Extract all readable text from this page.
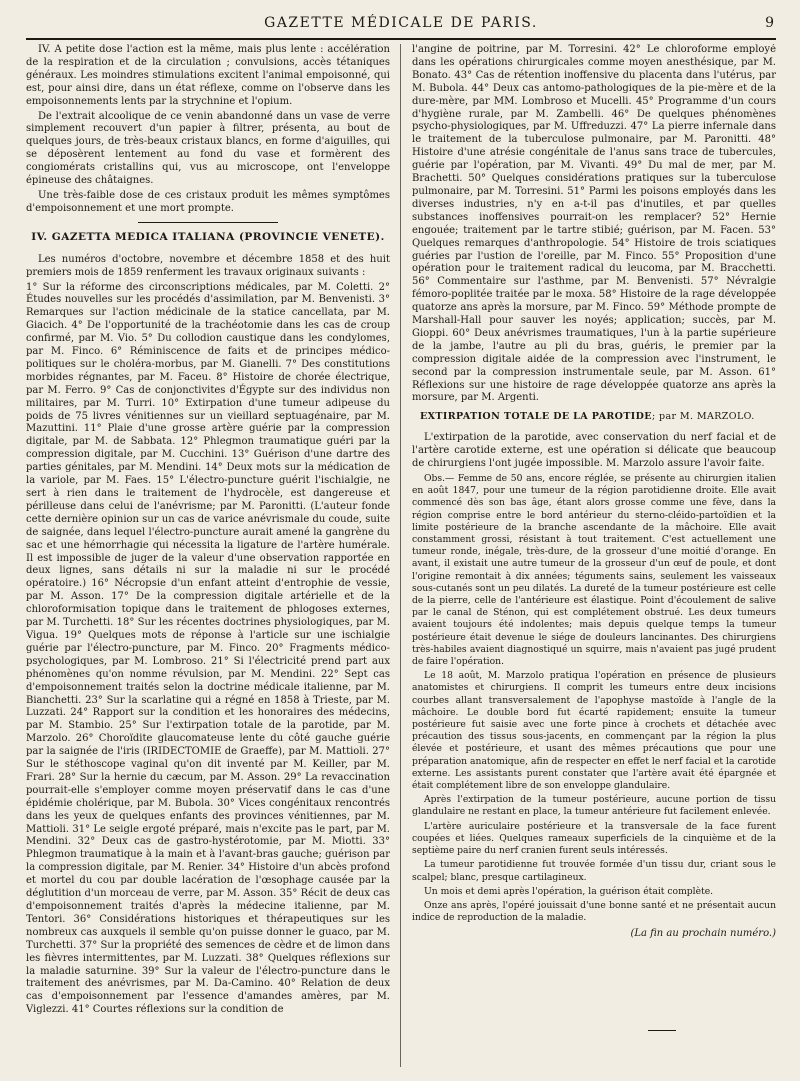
GAZETTE MÉDICALE DE PARIS.	9

IV. A petite dose l'action est la même, mais plus lente : accélération de la respiration et de la circulation ; convulsions, accès tétaniques généraux. Les moindres stimulations excitent l'animal empoisonné, qui est, pour ainsi dire, dans un état réflexe, comme on l'observe dans les empoisonnements lents par la strychnine et l'opium.

De l'extrait alcoolique de ce venin abandonné dans un vase de verre simplement recouvert d'un papier à filtrer, présenta, au bout de quelques jours, de très-beaux cristaux blancs, en forme d'aiguilles, qui se déposèrent lentement au fond du vase et formèrent des congiomérats cristallins qui, vus au microscope, ont l'enveloppe épineuse des châtaignes.

Une très-faible dose de ces cristaux produit les mêmes symptômes d'empoisonnement et une mort prompte.

IV. GAZETTA MEDICA ITALIANA (PROVINCIE VENETE).

Les numéros d'octobre, novembre et décembre 1858 et des huit premiers mois de 1859 renferment les travaux originaux suivants :

1° Sur la réforme des circonscriptions médicales, par M. Coletti. 2° Études nouvelles sur les procédés d'assimilation, par M. Benvenisti. 3° Remarques sur l'action médicinale de la statice cancellata, par M. Giacich. 4° De l'opportunité de la trachéotomie dans les cas de croup confirmé, par M. Vio. 5° Du collodion caustique dans les condylomes, par M. Finco. 6° Réminiscence de faits et de principes médico-politiques sur le choléra-morbus, par M. Gianelli. 7° Des constitutions morbides régnantes, par M. Faceu. 8° Histoire de chorée électrique, par M. Ferro. 9° Cas de conjonctivites d'Égypte sur des individus non militaires, par M. Turri. 10° Extirpation d'une tumeur adipeuse du poids de 75 livres vénitiennes sur un vieillard septuagénaire, par M. Mazuttini. 11° Plaie d'une grosse artère guérie par la compression digitale, par M. de Sabbata. 12° Phlegmon traumatique guéri par la compression digitale, par M. Cucchini. 13° Guérison d'une dartre des parties génitales, par M. Mendini. 14° Deux mots sur la médication de la variole, par M. Faes. 15° L'électro-puncture guérit l'ischialgie, ne sert à rien dans le traitement de l'hydrocèle, est dangereuse et périlleuse dans celui de l'anévrisme; par M. Paronitti. (L'auteur fonde cette dernière opinion sur un cas de varice anévrismale du coude, suite de saignée, dans lequel l'électro-puncture aurait amené la gangrène du sac et une hémorrhagie qui nécessita la ligature de l'artère humérale. Il est impossible de juger de la valeur d'une observation rapportée en deux lignes, sans détails ni sur la maladie ni sur le procédé opératoire.) 16° Nécropsie d'un enfant atteint d'entrophie de vessie, par M. Asson. 17° De la compression digitale artérielle et de la chloroformisation topique dans le traitement de phlogoses externes, par M. Turchetti. 18° Sur les récentes doctrines physiologiques, par M. Vigua. 19° Quelques mots de réponse à l'article sur une ischialgie guérie par l'électro-puncture, par M. Finco. 20° Fragments médico-psychologiques, par M. Lombroso. 21° Si l'électricité prend part aux phénomènes qu'on nomme révulsion, par M. Mendini. 22° Sept cas d'empoisonnement traités selon la doctrine médicale italienne, par M. Bianchetti. 23° Sur la scarlatine qui a régné en 1858 à Trieste, par M. Luzzati. 24° Rapport sur la condition et les honoraires des médecins, par M. Stambio. 25° Sur l'extirpation totale de la parotide, par M. Marzolo. 26° Choroïdite glaucomateuse lente du côté gauche guérie par la saignée de l'iris (IRIDECTOMIE de Graeffe), par M. Mattioli. 27° Sur le stéthoscope vaginal qu'on dit inventé par M. Keiller, par M. Frari. 28° Sur la hernie du cæcum, par M. Asson. 29° La revaccination pourrait-elle s'employer comme moyen préservatif dans le cas d'une épidémie cholérique, par M. Bubola. 30° Vices congénitaux rencontrés dans les yeux de quelques enfants des provinces vénitiennes, par M. Mattioli. 31° Le seigle ergoté préparé, mais n'excite pas le part, par M. Mendini. 32° Deux cas de gastro-hystérotomie, par M. Miotti. 33° Phlegmon traumatique à la main et à l'avant-bras gauche; guérison par la compression digitale, par M. Renier. 34° Histoire d'un abcès profond et mortel du cou par double lacération de l'œsophage causée par la déglutition d'un morceau de verre, par M. Asson. 35° Récit de deux cas d'empoisonnement traités d'après la médecine italienne, par M. Tentori. 36° Considérations historiques et thérapeutiques sur les nombreux cas auxquels il semble qu'on puisse donner le guaco, par M. Turchetti. 37° Sur la propriété des semences de cèdre et de limon dans les fièvres intermittentes, par M. Luzzati. 38° Quelques réflexions sur la maladie saturnine. 39° Sur la valeur de l'électro-puncture dans le traitement des anévrismes, par M. Da-Camino. 40° Relation de deux cas d'empoisonnement par l'essence d'amandes amères, par M. Viglezzi. 41° Courtes réflexions sur la condition de

l'angine de poitrine, par M. Torresini. 42° Le chloroforme employé dans les opérations chirurgicales comme moyen anesthésique, par M. Bonato. 43° Cas de rétention inoffensive du placenta dans l'utérus, par M. Bubola. 44° Deux cas antomo-pathologiques de la pie-mère et de la dure-mère, par MM. Lombroso et Mucelli. 45° Programme d'un cours d'hygiène rurale, par M. Zambelli. 46° De quelques phénomènes psycho-physiologiques, par M. Uffreduzzi. 47° La pierre infernale dans le traitement de la tuberculose pulmonaire, par M. Paronitti. 48° Histoire d'une atrésie congénitale de l'anus sans trace de tubercules, guérie par l'opération, par M. Vivanti. 49° Du mal de mer, par M. Brachetti. 50° Quelques considérations pratiques sur la tuberculose pulmonaire, par M. Torresini. 51° Parmi les poisons employés dans les diverses industries, n'y en a-t-il pas d'inutiles, et par quelles substances inoffensives pourrait-on les remplacer? 52° Hernie engouée; traitement par le tartre stibié; guérison, par M. Facen. 53° Quelques remarques d'anthropologie. 54° Histoire de trois sciatiques guéries par l'ustion de l'oreille, par M. Finco. 55° Proposition d'une opération pour le traitement radical du leucoma, par M. Bracchetti. 56° Commentaire sur l'asthme, par M. Benvenisti. 57° Névralgie fémoro-poplitée traitée par le moxa. 58° Histoire de la rage développée quatorze ans après la morsure, par M. Finco. 59° Méthode prompte de Marshall-Hall pour sauver les noyés; application; succès, par M. Gioppi. 60° Deux anévrismes traumatiques, l'un à la partie supérieure de la jambe, l'autre au pli du bras, guéris, le premier par la compression digitale aidée de la compression avec l'instrument, le second par la compression instrumentale seule, par M. Asson. 61° Réflexions sur une histoire de rage développée quatorze ans après la morsure, par M. Argenti.

EXTIRPATION TOTALE DE LA PAROTIDE; par M. MARZOLO.

L'extirpation de la parotide, avec conservation du nerf facial et de l'artère carotide externe, est une opération si délicate que beaucoup de chirurgiens l'ont jugée impossible. M. Marzolo assure l'avoir faite.

Obs.— Femme de 50 ans, encore réglée, se présente au chirurgien italien en août 1847, pour une tumeur de la région parotidienne droite. Elle avait commencé dès son bas âge, étant alors grosse comme une fève, dans la région comprise entre le bord antérieur du sterno-cléido-partoïdien et la limite postérieure de la branche ascendante de la mâchoire. Elle avait constamment grossi, résistant à tout traitement. C'est actuellement une tumeur ronde, inégale, très-dure, de la grosseur d'une moitié d'orange. En avant, il existait une autre tumeur de la grosseur d'un œuf de poule, et dont l'origine remontait à dix années; téguments sains, seulement les vaisseaux sous-cutanés sont un peu dilatés. La dureté de la tumeur postérieure est celle de la pierre, celle de l'antérieure est élastique. Point d'écoulement de salive par le canal de Sténon, qui est complétement obstrué. Les deux tumeurs avaient toujours été indolentes; mais depuis quelque temps la tumeur postérieure était devenue le siége de douleurs lancinantes. Des chirurgiens très-habiles avaient diagnostiqué un squirre, mais n'avaient pas jugé prudent de faire l'opération.

Le 18 août, M. Marzolo pratiqua l'opération en présence de plusieurs anatomistes et chirurgiens. Il comprit les tumeurs entre deux incisions courbes allant transversalement de l'apophyse mastoïde à l'angle de la mâchoire. Le double bord fut écarté rapidement; ensuite la tumeur postérieure fut saisie avec une forte pince à crochets et détachée avec précaution des tissus sous-jacents, en commençant par la région la plus élevée et postérieure, et usant des mêmes précautions que pour une préparation anatomique, afin de respecter en effet le nerf facial et la carotide externe. Les assistants purent constater que l'artère avait été épargnée et était complétement libre de son enveloppe glandulaire.

Après l'extirpation de la tumeur postérieure, aucune portion de tissu glandulaire ne restant en place, la tumeur antérieure fut facilement enlevée.

L'artère auriculaire postérieure et la transversale de la face furent coupées et liées. Quelques rameaux superficiels de la cinquième et de la septième paire du nerf cranien furent seuls intéressés.

La tumeur parotidienne fut trouvée formée d'un tissu dur, criant sous le scalpel; blanc, presque cartilagineux.

Un mois et demi après l'opération, la guérison était complète.

Onze ans après, l'opéré jouissait d'une bonne santé et ne présentait aucun indice de reproduction de la maladie.

(La fin au prochain numéro.)
